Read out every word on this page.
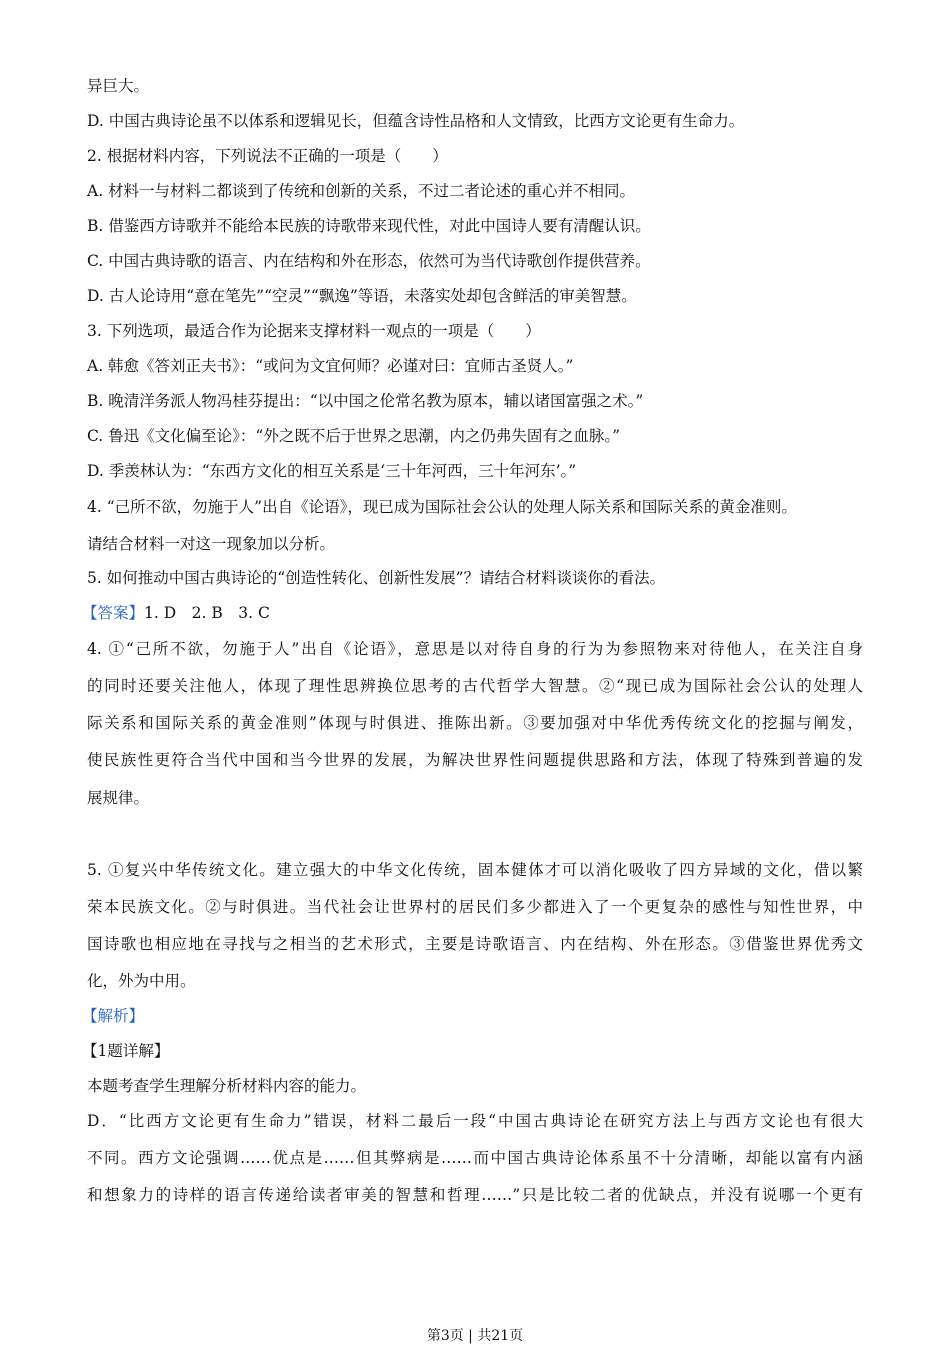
异巨大。
D. 中国古典诗论虽不以体系和逻辑见长，但蕴含诗性品格和人文情致，比西方文论更有生命力。
2. 根据材料内容，下列说法不正确的一项是（　　）
A. 材料一与材料二都谈到了传统和创新的关系，不过二者论述的重心并不相同。
B. 借鉴西方诗歌并不能给本民族的诗歌带来现代性，对此中国诗人要有清醒认识。
C. 中国古典诗歌的语言、内在结构和外在形态，依然可为当代诗歌创作提供营养。
D. 古人论诗用“意在笔先”“空灵”“飘逸”等语，未落实处却包含鲜活的审美智慧。
3. 下列选项，最适合作为论据来支撑材料一观点的一项是（　　）
A. 韩愈《答刘正夫书》：“或问为文宜何师？必谨对曰：宜师古圣贤人。”
B. 晚清洋务派人物冯桂芬提出：“以中国之伦常名教为原本，辅以诸国富强之术。”
C. 鲁迅《文化偏至论》：“外之既不后于世界之思潮，内之仍弗失固有之血脉。”
D. 季羡林认为：“东西方文化的相互关系是‘三十年河西，三十年河东’。”
4. “己所不欲，勿施于人”出自《论语》，现已成为国际社会公认的处理人际关系和国际关系的黄金准则。
请结合材料一对这一现象加以分析。
5. 如何推动中国古典诗论的“创造性转化、创新性发展”？请结合材料谈谈你的看法。
【答案】1. D　2. B　3. C
4. ①“己所不欲，勿施于人”出自《论语》，意思是以对待自身的行为为参照物来对待他人，在关注自身
的同时还要关注他人，体现了理性思辨换位思考的古代哲学大智慧。②“现已成为国际社会公认的处理人
际关系和国际关系的黄金准则”体现与时俱进、推陈出新。③要加强对中华优秀传统文化的挖掘与阐发，
使民族性更符合当代中国和当今世界的发展，为解决世界性问题提供思路和方法，体现了特殊到普遍的发
展规律。
5. ①复兴中华传统文化。建立强大的中华文化传统，固本健体才可以消化吸收了四方异域的文化，借以繁
荣本民族文化。②与时俱进。当代社会让世界村的居民们多少都进入了一个更复杂的感性与知性世界，中
国诗歌也相应地在寻找与之相当的艺术形式，主要是诗歌语言、内在结构、外在形态。③借鉴世界优秀文
化，外为中用。
【解析】
【1题详解】
本题考查学生理解分析材料内容的能力。
D．“比西方文论更有生命力”错误，材料二最后一段“中国古典诗论在研究方法上与西方文论也有很大
不同。西方文论强调……优点是……但其弊病是……而中国古典诗论体系虽不十分清晰，却能以富有内涵
和想象力的诗样的语言传递给读者审美的智慧和哲理……”只是比较二者的优缺点，并没有说哪一个更有
第3页 | 共21页
